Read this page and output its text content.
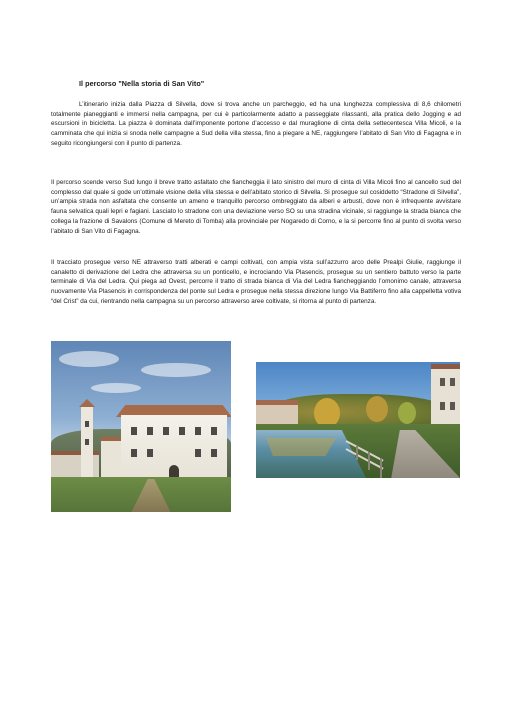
Il percorso "Nella storia di San Vito"

L’itinerario inizia dalla Piazza di Silvella, dove si trova anche un parcheggio, ed ha una lunghezza complessiva di 8,6 chilometri totalmente pianeggianti e immersi nella campagna, per cui è particolarmente adatto a passeggiate rilassanti, alla pratica dello Jogging e ad escursioni in bicicletta. La piazza è dominata dall’imponente portone d’accesso e dal muraglione di cinta della settecentesca Villa Micoli, e la camminata che qui inizia si snoda nelle campagne a Sud della villa stessa, fino a piegare a NE, raggiungere l’abitato di San Vito di Fagagna e in seguito ricongiungersi con il punto di partenza.

Il percorso scende verso Sud lungo il breve tratto asfaltato che fiancheggia il lato sinistro del muro di cinta di Villa Micoli fino al cancello sud del complesso dal quale si gode un’ottimale visione della villa stessa e dell’abitato storico di Silvella. Si prosegue sul cosiddetto “Stradone di Silvella”, un’ampia strada non asfaltata che consente un ameno e tranquillo percorso ombreggiato da alberi e arbusti, dove non è infrequente avvistare fauna selvatica quali lepri e fagiani. Lasciato lo stradone con una deviazione verso SO su una stradina vicinale, si raggiunge la strada bianca che collega la frazione di Savalons (Comune di Mereto di Tomba) alla provinciale per Nogaredo di Corno, e la si percorre fino al punto di svolta verso l’abitato di San Vito di Fagagna.

Il tracciato prosegue verso NE attraverso tratti alberati e campi coltivati, con ampia vista sull’azzurro arco delle Prealpi Giulie, raggiunge il canaletto di derivazione del Ledra che attraversa su un ponticello, e incrociando Via Plasencis, prosegue su un sentiero battuto verso la parte terminale di Via del Ledra. Qui piega ad Ovest, percorre il tratto di strada bianca di Via del Ledra fiancheggiando l’omonimo canale, attraversa nuovamente Via Plasencis in corrispondenza del ponte sul Ledra e prosegue nella stessa direzione lungo Via Battiferro fino alla cappelletta votiva “del Crist” da cui, rientrando nella campagna su un percorso attraverso aree coltivate, si ritorna al punto di partenza.
